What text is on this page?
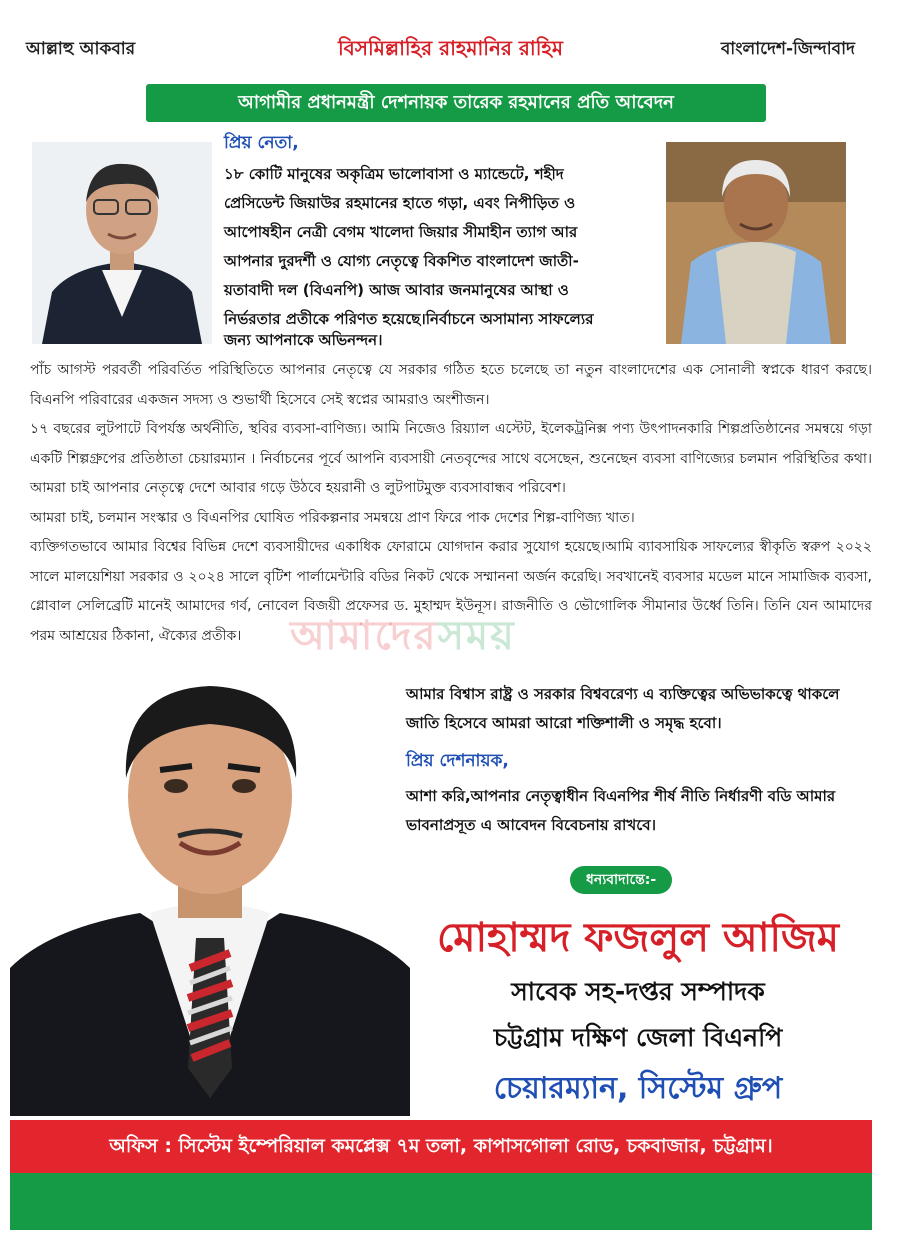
আল্লাহু আকবার	বিসমিল্লাহির রাহমানির রাহিম	বাংলাদেশ-জিন্দাবাদ
আগামীর প্রধানমন্ত্রী দেশনায়ক তারেক রহমানের প্রতি আবেদন
প্রিয় নেতা,
১৮ কোটি মানুষের অকৃত্রিম ভালোবাসা ও ম্যান্ডেটে, শহীদ
প্রেসিডেন্ট জিয়াউর রহমানের হাতে গড়া, এবং নিপীড়িত ও
আপোষহীন নেত্রী বেগম খালেদা জিয়ার সীমাহীন ত্যাগ আর
আপনার দুরদর্শী ও যোগ্য নেতৃত্বে বিকশিত বাংলাদেশ জাতী-
য়তাবাদী দল (বিএনপি) আজ আবার জনমানুষের আস্থা ও
নির্ভরতার প্রতীকে পরিণত হয়েছে।নির্বাচনে অসামান্য সাফল্যের
জন্য আপনাকে অভিনন্দন।

পাঁচ আগস্ট পরবর্তী পরিবর্তিত পরিস্থিতিতে আপনার নেতৃত্বে যে সরকার গঠিত হতে চলেছে তা নতুন বাংলাদেশের এক সোনালী স্বপ্নকে ধারণ করছে। বিএনপি পরিবারের একজন সদস্য ও শুভার্থী হিসেবে সেই স্বপ্নের আমরাও অংশীজন।

১৭ বছরের লুটপাটে বিপর্যস্ত অর্থনীতি, স্থবির ব্যবসা-বাণিজ্য। আমি নিজেও রিয়্যাল এস্টেট, ইলেকট্রনিক্স পণ্য উৎপাদনকারি শিল্পপ্রতিষ্ঠানের সমন্বয়ে গড়া একটি শিল্পগ্রুপের প্রতিষ্ঠাতা চেয়ারম্যান । নির্বাচনের পূর্বে আপনি ব্যবসায়ী নেতবৃন্দের সাথে বসেছেন, শুনেছেন ব্যবসা বাণিজ্যের চলমান পরিস্থিতির কথা। আমরা চাই আপনার নেতৃত্বে দেশে আবার গড়ে উঠবে হয়রানী ও লুটপাটমুক্ত ব্যবসাবান্ধব পরিবেশ।

আমরা চাই, চলমান সংস্কার ও বিএনপির ঘোষিত পরিকল্পনার সমন্বয়ে প্রাণ ফিরে পাক দেশের শিল্প-বাণিজ্য খাত।

ব্যক্তিগতভাবে আমার বিশ্বের বিভিন্ন দেশে ব্যবসায়ীদের একাধিক ফোরামে যোগদান করার সুযোগ হয়েছে।আমি ব্যাবসায়িক সাফল্যের স্বীকৃতি স্বরুপ ২০২২ সালে মালয়েশিয়া সরকার ও ২০২৪ সালে বৃটিশ পার্লামেন্টারি বডির নিকট থেকে সম্মাননা অর্জন করেছি। সবখানেই ব্যবসার মডেল মানে সামাজিক ব্যবসা, গ্লোবাল সেলিব্রেটি মানেই আমাদের গর্ব, নোবেল বিজয়ী প্রফেসর ড. মুহাম্মদ ইউনূস। রাজনীতি ও ভৌগোলিক সীমানার উর্ধ্বে তিনি। তিনি যেন আমাদের পরম আশ্রয়ের ঠিকানা, ঐক্যের প্রতীক।	আমাদেরসময়
আমার বিশ্বাস রাষ্ট্র ও সরকার বিশ্ববরেণ্য এ ব্যক্তিত্বের অভিভাকত্বে থাকলে জাতি হিসেবে আমরা আরো শক্তিশালী ও সমৃদ্ধ হবো।
প্রিয় দেশনায়ক,
আশা করি,আপনার নেতৃত্বাধীন বিএনপির শীর্ষ নীতি নির্ধারণী বডি আমার ভাবনাপ্রসূত এ আবেদন বিবেচনায় রাখবে।
ধন্যবাদান্তে:-
মোহাম্মদ ফজলুল আজিম
সাবেক সহ-দপ্তর সম্পাদক
চট্টগ্রাম দক্ষিণ জেলা বিএনপি
চেয়ারম্যান, সিস্টেম গ্রুপ
অফিস : সিস্টেম ইম্পেরিয়াল কমপ্লেক্স ৭ম তলা, কাপাসগোলা রোড, চকবাজার, চট্টগ্রাম।
